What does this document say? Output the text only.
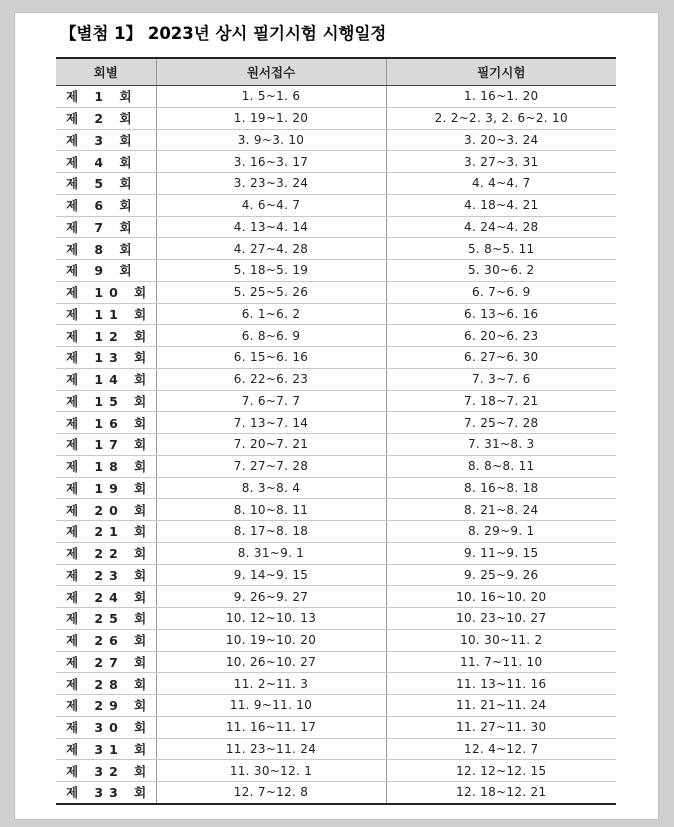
【별첨 1】 2023년 상시 필기시험 시행일정
회별	원서접수	필기시험
제 1 회	1. 5~1. 6	1. 16~1. 20
제 2 회	1. 19~1. 20	2. 2~2. 3, 2. 6~2. 10
제 3 회	3. 9~3. 10	3. 20~3. 24
제 4 회	3. 16~3. 17	3. 27~3. 31
제 5 회	3. 23~3. 24	4. 4~4. 7
제 6 회	4. 6~4. 7	4. 18~4. 21
제 7 회	4. 13~4. 14	4. 24~4. 28
제 8 회	4. 27~4. 28	5. 8~5. 11
제 9 회	5. 18~5. 19	5. 30~6. 2
제 10 회	5. 25~5. 26	6. 7~6. 9
제 11 회	6. 1~6. 2	6. 13~6. 16
제 12 회	6. 8~6. 9	6. 20~6. 23
제 13 회	6. 15~6. 16	6. 27~6. 30
제 14 회	6. 22~6. 23	7. 3~7. 6
제 15 회	7. 6~7. 7	7. 18~7. 21
제 16 회	7. 13~7. 14	7. 25~7. 28
제 17 회	7. 20~7. 21	7. 31~8. 3
제 18 회	7. 27~7. 28	8. 8~8. 11
제 19 회	8. 3~8. 4	8. 16~8. 18
제 20 회	8. 10~8. 11	8. 21~8. 24
제 21 회	8. 17~8. 18	8. 29~9. 1
제 22 회	8. 31~9. 1	9. 11~9. 15
제 23 회	9. 14~9. 15	9. 25~9. 26
제 24 회	9. 26~9. 27	10. 16~10. 20
제 25 회	10. 12~10. 13	10. 23~10. 27
제 26 회	10. 19~10. 20	10. 30~11. 2
제 27 회	10. 26~10. 27	11. 7~11. 10
제 28 회	11. 2~11. 3	11. 13~11. 16
제 29 회	11. 9~11. 10	11. 21~11. 24
제 30 회	11. 16~11. 17	11. 27~11. 30
제 31 회	11. 23~11. 24	12. 4~12. 7
제 32 회	11. 30~12. 1	12. 12~12. 15
제 33 회	12. 7~12. 8	12. 18~12. 21
